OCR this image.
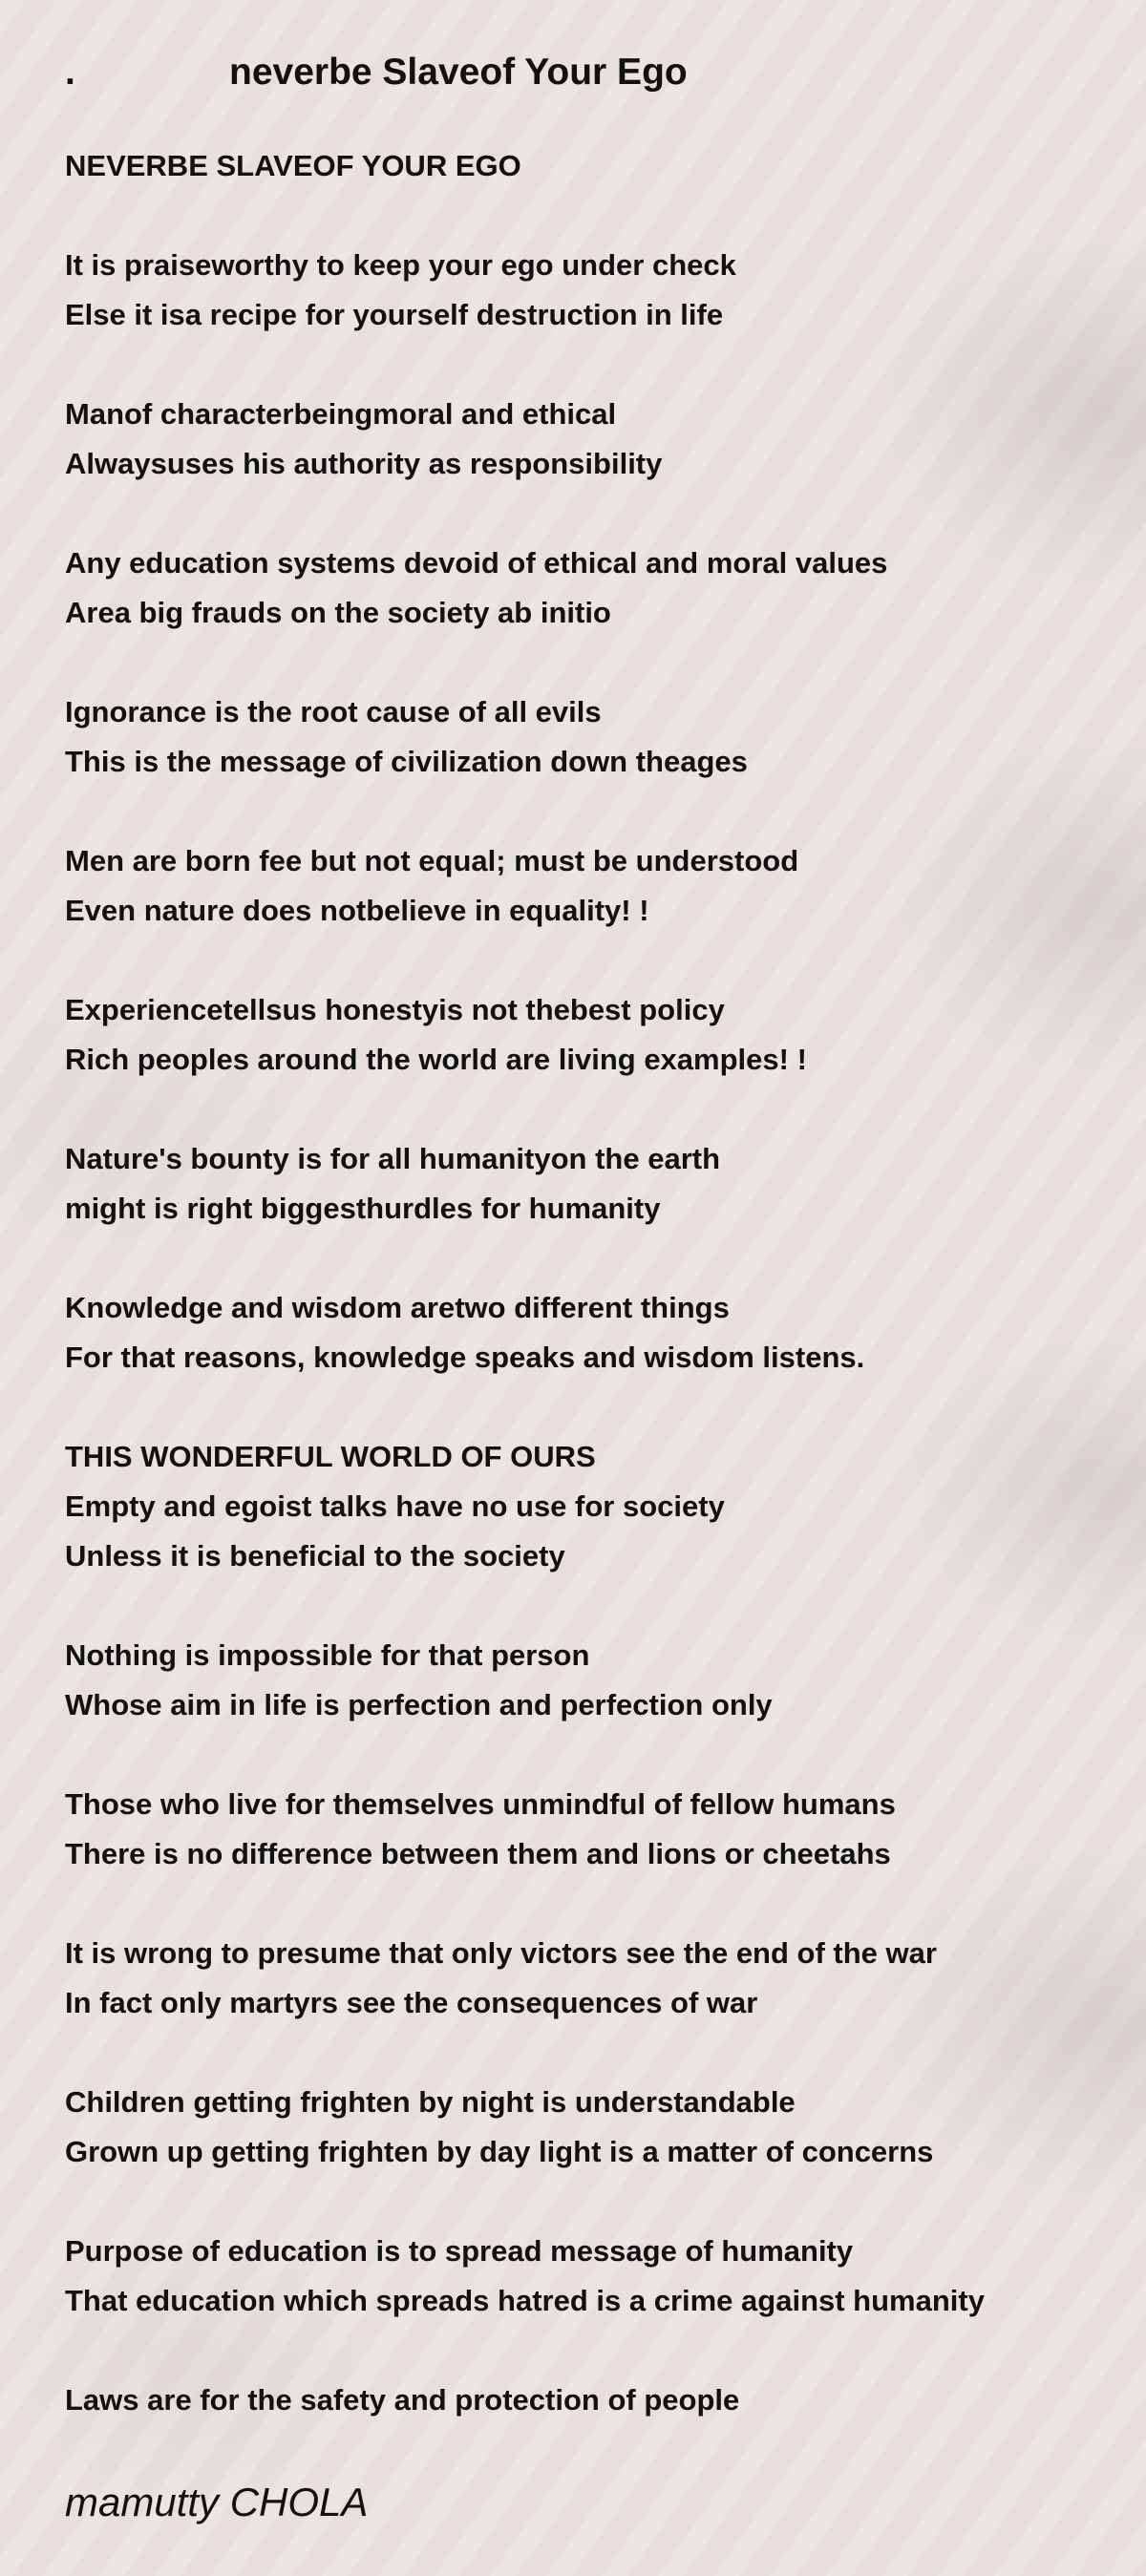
.	neverbe Slaveof Your Ego
NEVERBE SLAVEOF YOUR EGO

It is praiseworthy to keep your ego under check
Else it isa recipe for yourself destruction in life

Manof characterbeingmoral and ethical
Alwaysuses his authority as responsibility

Any education systems devoid of ethical and moral values
Area big frauds on the society ab initio

Ignorance is the root cause of all evils
This is the message of civilization down theages

Men are born fee but not equal; must be understood
Even nature does notbelieve in equality! !

Experiencetellsus honestyis not thebest policy
Rich peoples around the world are living examples! !

Nature's bounty is for all humanityon the earth
might is right biggesthurdles for humanity

Knowledge and wisdom aretwo different things
For that reasons, knowledge speaks and wisdom listens.

THIS WONDERFUL WORLD OF OURS
Empty and egoist talks have no use for society
Unless it is beneficial to the society

Nothing is impossible for that person
Whose aim in life is perfection and perfection only

Those who live for themselves unmindful of fellow humans
There is no difference between them and lions or cheetahs

It is wrong to presume that only victors see the end of the war
In fact only martyrs see the consequences of war

Children getting frighten by night is understandable
Grown up getting frighten by day light is a matter of concerns

Purpose of education is to spread message of humanity
That education which spreads hatred is a crime against humanity

Laws are for the safety and protection of people
mamutty CHOLA
